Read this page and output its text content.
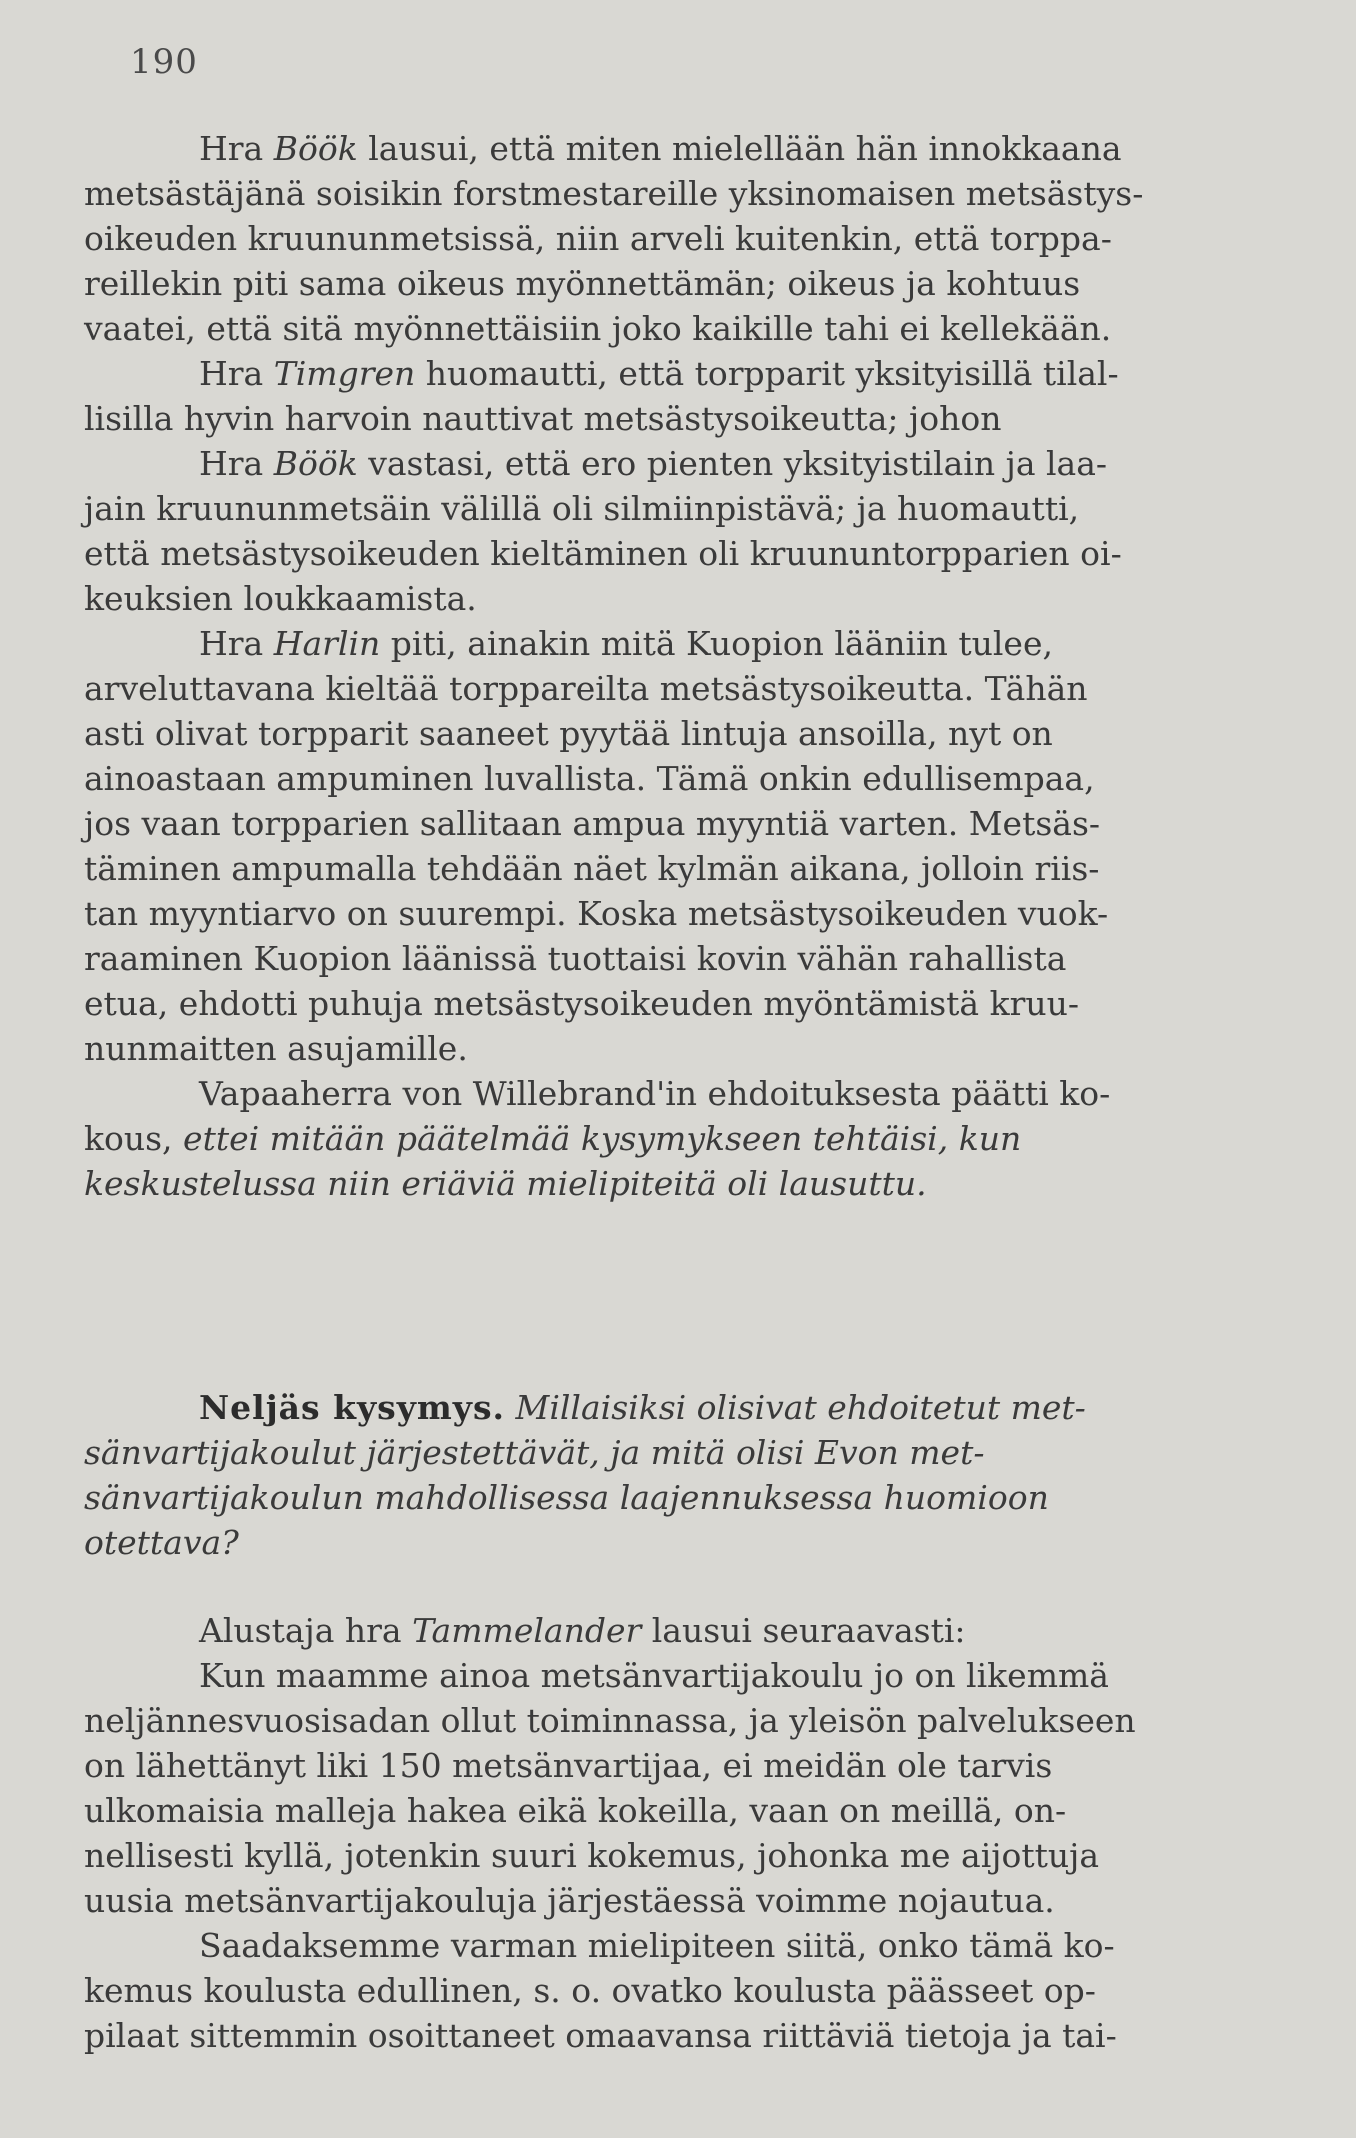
190
Hra Böök lausui, että miten mielellään hän innokkaana
metsästäjänä soisikin forstmestareille yksinomaisen metsästys-
oikeuden kruununmetsissä, niin arveli kuitenkin, että torppa-
reillekin piti sama oikeus myönnettämän; oikeus ja kohtuus
vaatei, että sitä myönnettäisiin joko kaikille tahi ei kellekään.
Hra Timgren huomautti, että torpparit yksityisillä tilal-
lisilla hyvin harvoin nauttivat metsästysoikeutta; johon
Hra Böök vastasi, että ero pienten yksityistilain ja laa-
jain kruununmetsäin välillä oli silmiinpistävä; ja huomautti,
että metsästysoikeuden kieltäminen oli kruununtorpparien oi-
keuksien loukkaamista.
Hra Harlin piti, ainakin mitä Kuopion lääniin tulee,
arveluttavana kieltää torppareilta metsästysoikeutta. Tähän
asti olivat torpparit saaneet pyytää lintuja ansoilla, nyt on
ainoastaan ampuminen luvallista. Tämä onkin edullisempaa,
jos vaan torpparien sallitaan ampua myyntiä varten. Metsäs-
täminen ampumalla tehdään näet kylmän aikana, jolloin riis-
tan myyntiarvo on suurempi. Koska metsästysoikeuden vuok-
raaminen Kuopion läänissä tuottaisi kovin vähän rahallista
etua, ehdotti puhuja metsästysoikeuden myöntämistä kruu-
nunmaitten asujamille.
Vapaaherra von Willebrand'in ehdoituksesta päätti ko-
kous, ettei mitään päätelmää kysymykseen tehtäisi, kun
keskustelussa niin eriäviä mielipiteitä oli lausuttu.
Neljäs kysymys. Millaisiksi olisivat ehdoitetut met-
sänvartijakoulut järjestettävät, ja mitä olisi Evon met-
sänvartijakoulun mahdollisessa laajennuksessa huomioon
otettava?
Alustaja hra Tammelander lausui seuraavasti:
Kun maamme ainoa metsänvartijakoulu jo on likemmä
neljännesvuosisadan ollut toiminnassa, ja yleisön palvelukseen
on lähettänyt liki 150 metsänvartijaa, ei meidän ole tarvis
ulkomaisia malleja hakea eikä kokeilla, vaan on meillä, on-
nellisesti kyllä, jotenkin suuri kokemus, johonka me aijottuja
uusia metsänvartijakouluja järjestäessä voimme nojautua.
Saadaksemme varman mielipiteen siitä, onko tämä ko-
kemus koulusta edullinen, s. o. ovatko koulusta päässeet op-
pilaat sittemmin osoittaneet omaavansa riittäviä tietoja ja tai-
